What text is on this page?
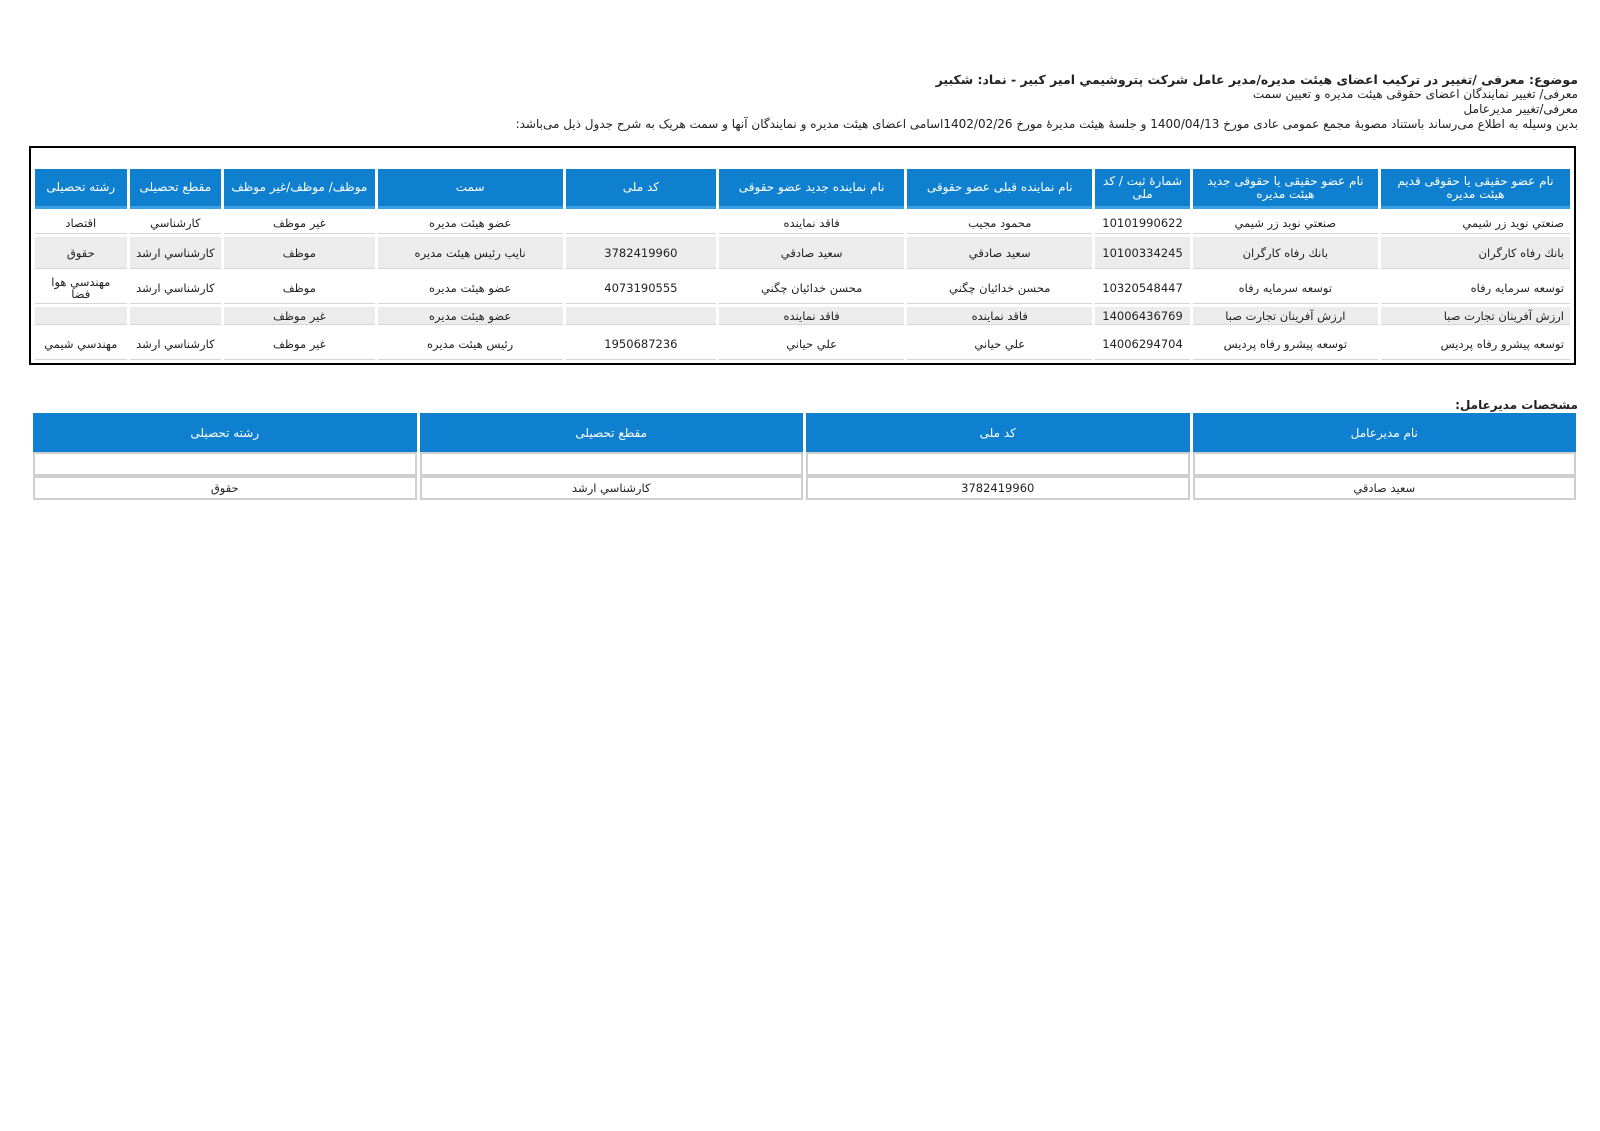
موضوع: معرفی /تغییر در ترکیب اعضای هیئت مدیره/مدیر عامل شرکت پتروشیمي امير كبير - نماد: شکبیر
معرفی/ تغییر نمایندگان اعضای حقوقی هیئت مدیره و تعیین سمت
معرفی/تغییر مدیرعامل
بدین وسیله به اطلاع می‌رساند باستناد مصوبهٔ مجمع عمومی عادی مورخ 1400/04/13 و جلسهٔ هیئت مدیرهٔ مورخ 1402/02/26اسامی اعضای هیئت مدیره و نمایندگان آنها و سمت هریک به شرح جدول ذیل می‌باشد:
نام عضو حقیقی یا حقوقی قدیم هیئت مدیره	نام عضو حقیقی یا حقوقی جدید هیئت مدیره	شمارهٔ ثبت / کد ملی	نام نماینده قبلی عضو حقوقی	نام نماینده جدید عضو حقوقی	کد ملی	سمت	موظف/ موظف/غیر موظف	مقطع تحصیلی	رشته تحصیلی
صنعتي نويد زر شيمي	صنعتي نويد زر شيمي	10101990622	محمود مجيب	فاقد نماینده		عضو هیئت مدیره	غیر موظف	كارشناسي	اقتصاد
بانك رفاه كارگران	بانك رفاه كارگران	10100334245	سعيد صادقي	سعيد صادقي	3782419960	نایب رئیس هیئت مدیره	موظف	كارشناسي ارشد	حقوق
توسعه سرمايه رفاه	توسعه سرمايه رفاه	10320548447	محسن خدائيان چگني	محسن خدائيان چگني	4073190555	عضو هیئت مدیره	موظف	كارشناسي ارشد	مهندسي هوا فضا
ارزش آفرينان تجارت صبا	ارزش آفرينان تجارت صبا	14006436769	فاقد نماینده	فاقد نماینده		عضو هیئت مدیره	غیر موظف		
توسعه پيشرو رفاه پرديس	توسعه پيشرو رفاه پرديس	14006294704	علي حياني	علي حياني	1950687236	رئیس هیئت مدیره	غیر موظف	كارشناسي ارشد	مهندسي شيمي
مشخصات مدیرعامل:
نام مدیرعامل	کد ملی	مقطع تحصیلی	رشته تحصیلی

سعيد صادقي	3782419960	كارشناسي ارشد	حقوق
